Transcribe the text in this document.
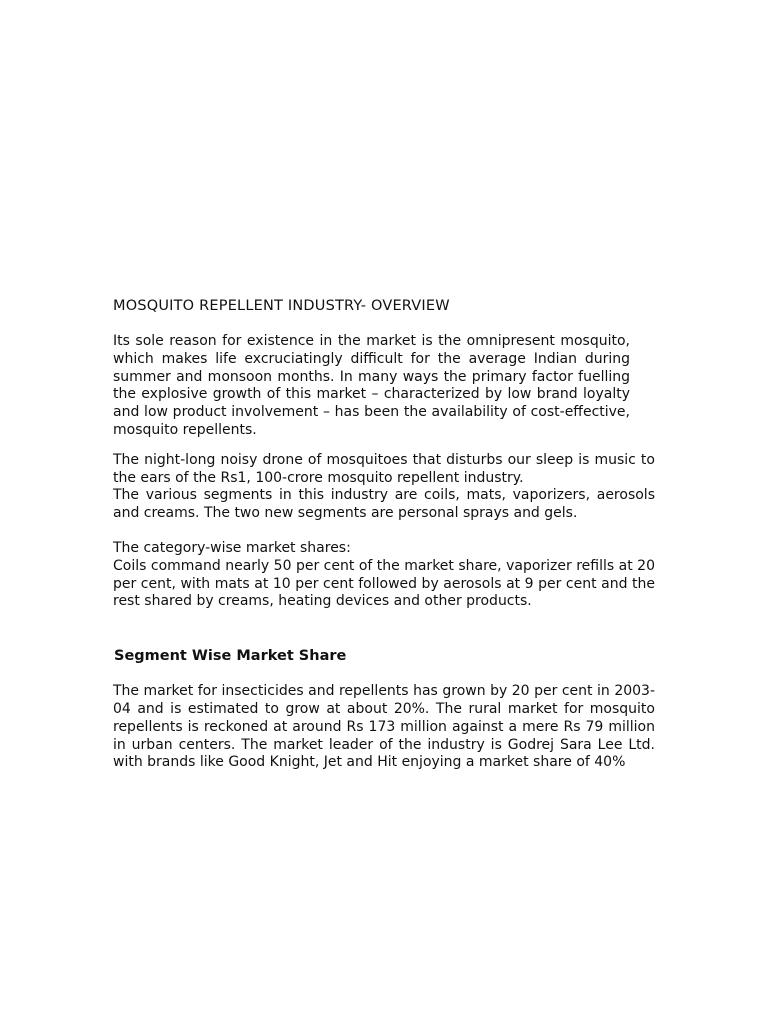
MOSQUITO REPELLENT INDUSTRY- OVERVIEW

Its sole reason for existence in the market is the omnipresent mosquito, which makes life excruciatingly difficult for the average Indian during summer and monsoon months. In many ways the primary factor fuelling the explosive growth of this market – characterized by low brand loyalty and low product involvement – has been the availability of cost-effective, mosquito repellents.

The night-long noisy drone of mosquitoes that disturbs our sleep is music to the ears of the Rs1, 100-crore mosquito repellent industry.

The various segments in this industry are coils, mats, vaporizers, aerosols and creams. The two new segments are personal sprays and gels.

The category-wise market shares:

Coils command nearly 50 per cent of the market share, vaporizer refills at 20 per cent, with mats at 10 per cent followed by aerosols at 9 per cent and the rest shared by creams, heating devices and other products.

Segment Wise Market Share

The market for insecticides and repellents has grown by 20 per cent in 2003-04 and is estimated to grow at about 20%. The rural market for mosquito repellents is reckoned at around Rs 173 million against a mere Rs 79 million in urban centers. The market leader of the industry is Godrej Sara Lee Ltd. with brands like Good Knight, Jet and Hit enjoying a market share of 40%
